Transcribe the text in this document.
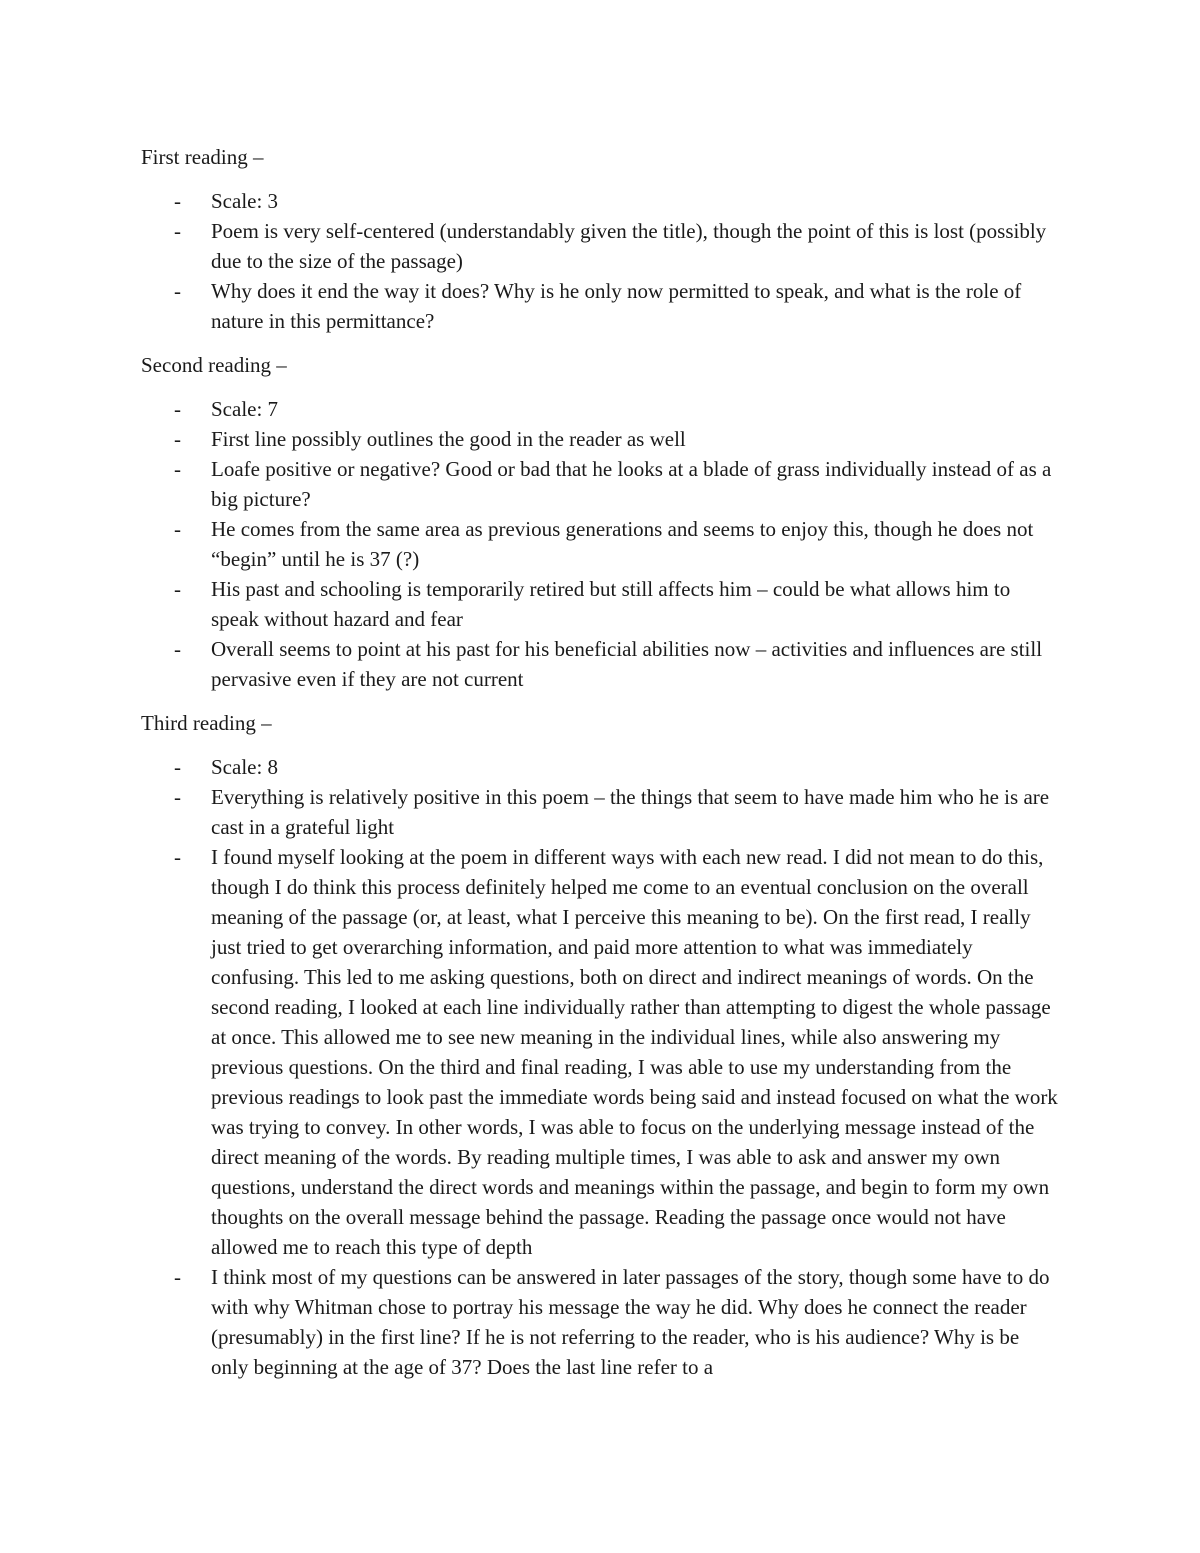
First reading –

- Scale: 3
- Poem is very self-centered (understandably given the title), though the point of this is lost (possibly due to the size of the passage)
- Why does it end the way it does? Why is he only now permitted to speak, and what is the role of nature in this permittance?

Second reading –

- Scale: 7
- First line possibly outlines the good in the reader as well
- Loafe positive or negative? Good or bad that he looks at a blade of grass individually instead of as a big picture?
- He comes from the same area as previous generations and seems to enjoy this, though he does not “begin” until he is 37 (?)
- His past and schooling is temporarily retired but still affects him – could be what allows him to speak without hazard and fear
- Overall seems to point at his past for his beneficial abilities now – activities and influences are still pervasive even if they are not current

Third reading –

- Scale: 8
- Everything is relatively positive in this poem – the things that seem to have made him who he is are cast in a grateful light
- I found myself looking at the poem in different ways with each new read. I did not mean to do this, though I do think this process definitely helped me come to an eventual conclusion on the overall meaning of the passage (or, at least, what I perceive this meaning to be). On the first read, I really just tried to get overarching information, and paid more attention to what was immediately confusing. This led to me asking questions, both on direct and indirect meanings of words. On the second reading, I looked at each line individually rather than attempting to digest the whole passage at once. This allowed me to see new meaning in the individual lines, while also answering my previous questions. On the third and final reading, I was able to use my understanding from the previous readings to look past the immediate words being said and instead focused on what the work was trying to convey. In other words, I was able to focus on the underlying message instead of the direct meaning of the words. By reading multiple times, I was able to ask and answer my own questions, understand the direct words and meanings within the passage, and begin to form my own thoughts on the overall message behind the passage. Reading the passage once would not have allowed me to reach this type of depth
- I think most of my questions can be answered in later passages of the story, though some have to do with why Whitman chose to portray his message the way he did. Why does he connect the reader (presumably) in the first line? If he is not referring to the reader, who is his audience? Why is be only beginning at the age of 37? Does the last line refer to a
